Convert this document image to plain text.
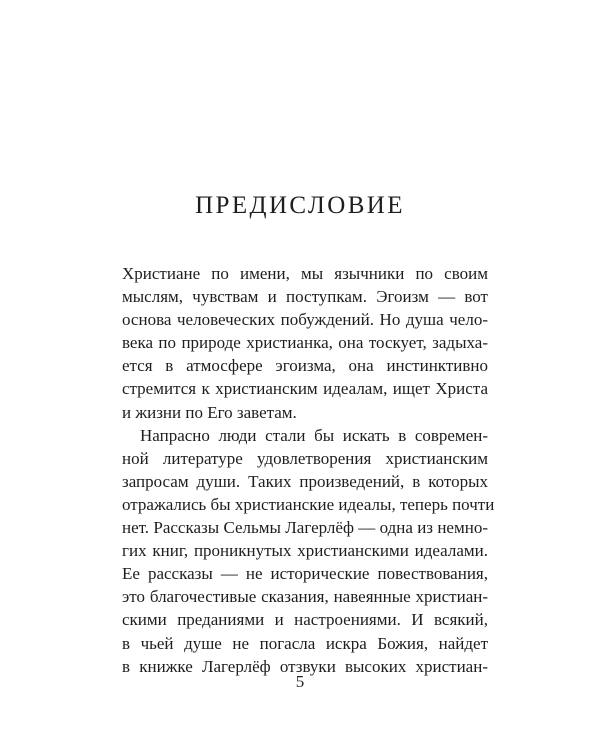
ПРЕДИСЛОВИЕ
Христиане по имени, мы язычники по своим
мыслям, чувствам и поступкам. Эгоизм — вот
основа человеческих побуждений. Но душа чело-
века по природе христианка, она тоскует, задыха-
ется в атмосфере эгоизма, она инстинктивно
стремится к христианским идеалам, ищет Христа
и жизни по Его заветам.
Напрасно люди стали бы искать в современ-
ной литературе удовлетворения христианским
запросам души. Таких произведений, в которых
отражались бы христианские идеалы, теперь почти
нет. Рассказы Сельмы Лагерлёф — одна из немно-
гих книг, проникнутых христианскими идеалами.
Ее рассказы — не исторические повествования,
это благочестивые сказания, навеянные христиан-
скими преданиями и настроениями. И всякий,
в чьей душе не погасла искра Божия, найдет
в книжке Лагерлёф отзвуки высоких христиан-
5
